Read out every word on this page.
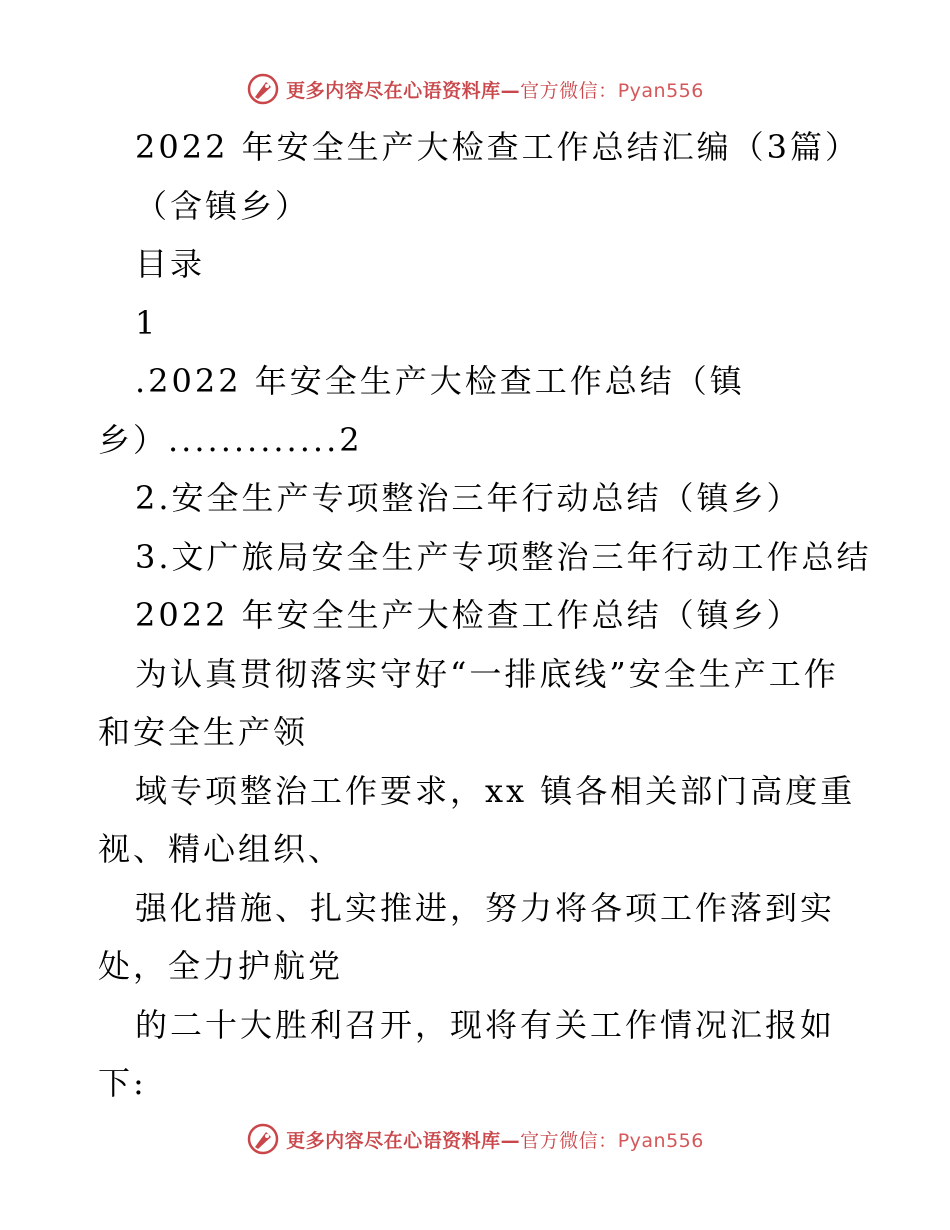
更多内容尽在心语资料库—官方微信：Pyan556
2022 年安全生产大检查工作总结汇编（3篇）
（含镇乡）
目录
1
.2022 年安全生产大检查工作总结（镇
乡）.............2
2.安全生产专项整治三年行动总结（镇乡）
3.文广旅局安全生产专项整治三年行动工作总结
2022 年安全生产大检查工作总结（镇乡）
为认真贯彻落实守好“一排底线”安全生产工作
和安全生产领
域专项整治工作要求，xx 镇各相关部门高度重
视、精心组织、
强化措施、扎实推进，努力将各项工作落到实
处，全力护航党
的二十大胜利召开，现将有关工作情况汇报如
下:
更多内容尽在心语资料库—官方微信：Pyan556
